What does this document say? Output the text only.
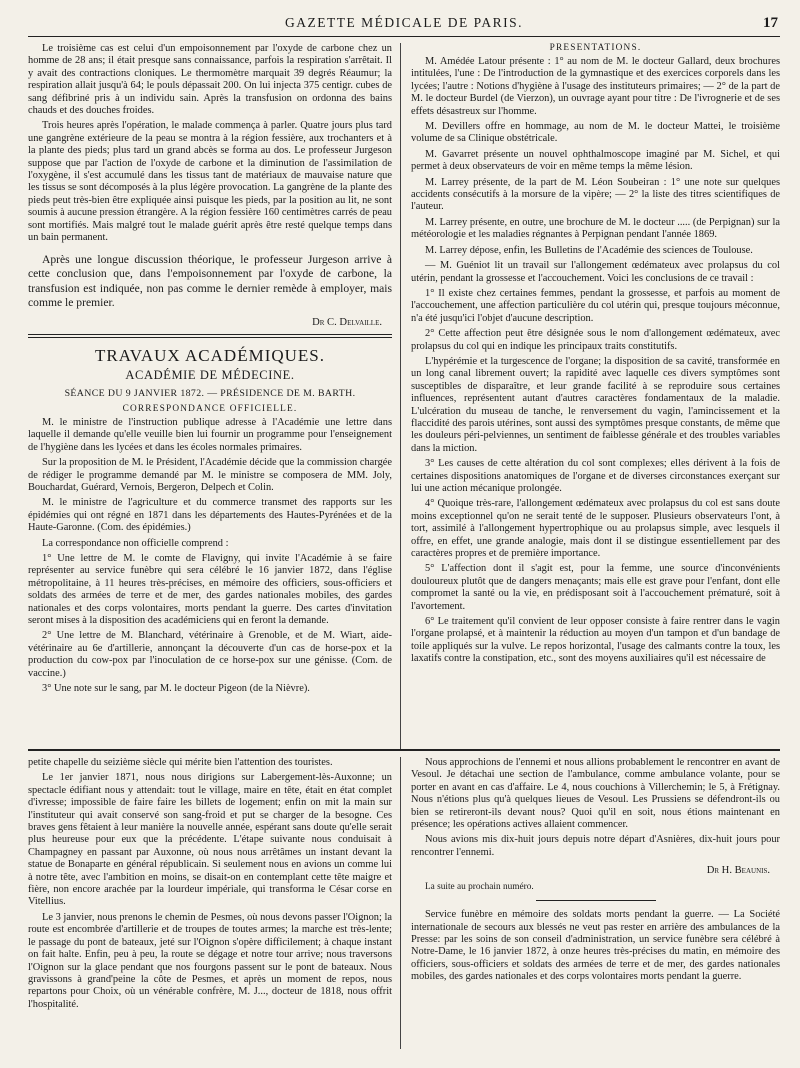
GAZETTE MÉDICALE DE PARIS.	17

Le troisième cas est celui d'un empoisonnement par l'oxyde de carbone chez un homme de 28 ans; il était presque sans connaissance, parfois la respiration s'arrêtait. Il y avait des contractions cloniques. Le thermomètre marquait 39 degrés Réaumur; la respiration allait jusqu'à 64; le pouls dépassait 200. On lui injecta 375 centigr. cubes de sang défibriné pris à un individu sain. Après la transfusion on ordonna des bains chauds et des douches froides.

Trois heures après l'opération, le malade commença à parler. Quatre jours plus tard une gangrène extérieure de la peau se montra à la région fessière, aux trochanters et à la plante des pieds; plus tard un grand abcès se forma au dos. Le professeur Jurgeson suppose que par l'action de l'oxyde de carbone et la diminution de l'assimilation de l'oxygène, il s'est accumulé dans les tissus tant de matériaux de mauvaise nature que les tissus se sont décomposés à la plus légère provocation. La gangrène de la plante des pieds peut très-bien être expliquée ainsi puisque les pieds, par la position au lit, ne sont soumis à aucune pression étrangère. A la région fessière 160 centimètres carrés de peau sont mortifiés. Mais malgré tout le malade guérit après être resté quelque temps dans un bain permanent.

Après une longue discussion théorique, le professeur Jurgeson arrive à cette conclusion que, dans l'empoisonnement par l'oxyde de carbone, la transfusion est indiquée, non pas comme le dernier remède à employer, mais comme le premier.

Dr C. Delvaille.
TRAVAUX ACADÉMIQUES.
ACADÉMIE DE MÉDECINE.
SÉANCE DU 9 JANVIER 1872. — PRÉSIDENCE DE M. BARTH.
CORRESPONDANCE OFFICIELLE.

M. le ministre de l'instruction publique adresse à l'Académie une lettre dans laquelle il demande qu'elle veuille bien lui fournir un programme pour l'enseignement de l'hygiène dans les lycées et dans les écoles normales primaires.

Sur la proposition de M. le Président, l'Académie décide que la commission chargée de rédiger le programme demandé par M. le ministre se composera de MM. Joly, Bouchardat, Guérard, Vernois, Bergeron, Delpech et Colin.

M. le ministre de l'agriculture et du commerce transmet des rapports sur les épidémies qui ont régné en 1871 dans les départements des Hautes-Pyrénées et de la Haute-Garonne. (Com. des épidémies.)

La correspondance non officielle comprend :

1° Une lettre de M. le comte de Flavigny, qui invite l'Académie à se faire représenter au service funèbre qui sera célébré le 16 janvier 1872, dans l'église métropolitaine, à 11 heures très-précises, en mémoire des officiers, sous-officiers et soldats des armées de terre et de mer, des gardes nationales mobiles, des gardes nationales et des corps volontaires, morts pendant la guerre. Des cartes d'invitation seront mises à la disposition des académiciens qui en feront la demande.

2° Une lettre de M. Blanchard, vétérinaire à Grenoble, et de M. Wiart, aide-vétérinaire au 6e d'artillerie, annonçant la découverte d'un cas de horse-pox et la production du cow-pox par l'inoculation de ce horse-pox sur une génisse. (Com. de vaccine.)

3° Une note sur le sang, par M. le docteur Pigeon (de la Nièvre).

PRÉSENTATIONS.

M. Amédée Latour présente : 1° au nom de M. le docteur Gallard, deux brochures intitulées, l'une : De l'introduction de la gymnastique et des exercices corporels dans les lycées; l'autre : Notions d'hygiène à l'usage des instituteurs primaires; — 2° de la part de M. le docteur Burdel (de Vierzon), un ouvrage ayant pour titre : De l'ivrognerie et de ses effets désastreux sur l'homme.

M. Devillers offre en hommage, au nom de M. le docteur Mattei, le troisième volume de sa Clinique obstétricale.

M. Gavarret présente un nouvel ophthalmoscope imaginé par M. Sichel, et qui permet à deux observateurs de voir en même temps la même lésion.

M. Larrey présente, de la part de M. Léon Soubeiran : 1° une note sur quelques accidents consécutifs à la morsure de la vipère; — 2° la liste des titres scientifiques de l'auteur.

M. Larrey présente, en outre, une brochure de M. le docteur ..... (de Perpignan) sur la météorologie et les maladies régnantes à Perpignan pendant l'année 1869.

M. Larrey dépose, enfin, les Bulletins de l'Académie des sciences de Toulouse.

— M. Guéniot lit un travail sur l'allongement œdémateux avec prolapsus du col utérin, pendant la grossesse et l'accouchement. Voici les conclusions de ce travail :

1° Il existe chez certaines femmes, pendant la grossesse, et parfois au moment de l'accouchement, une affection particulière du col utérin qui, presque toujours méconnue, n'a été jusqu'ici l'objet d'aucune description.

2° Cette affection peut être désignée sous le nom d'allongement œdémateux, avec prolapsus du col qui en indique les principaux traits constitutifs.

L'hypérémie et la turgescence de l'organe; la disposition de sa cavité, transformée en un long canal librement ouvert; la rapidité avec laquelle ces divers symptômes sont susceptibles de disparaître, et leur grande facilité à se reproduire sous certaines influences, représentent autant d'autres caractères fondamentaux de la maladie. L'ulcération du museau de tanche, le renversement du vagin, l'amincissement et la flaccidité des parois utérines, sont aussi des symptômes presque constants, de même que les douleurs péri-pelviennes, un sentiment de faiblesse générale et des troubles variables dans la miction.

3° Les causes de cette altération du col sont complexes; elles dérivent à la fois de certaines dispositions anatomiques de l'organe et de diverses circonstances exerçant sur lui une action mécanique prolongée.

4° Quoique très-rare, l'allongement œdémateux avec prolapsus du col est sans doute moins exceptionnel qu'on ne serait tenté de le supposer. Plusieurs observateurs l'ont, à tort, assimilé à l'allongement hypertrophique ou au prolapsus simple, avec lesquels il offre, en effet, une grande analogie, mais dont il se distingue essentiellement par des caractères propres et de première importance.

5° L'affection dont il s'agit est, pour la femme, une source d'inconvénients douloureux plutôt que de dangers menaçants; mais elle est grave pour l'enfant, dont elle compromet la santé ou la vie, en prédisposant soit à l'accouchement prématuré, soit à l'avortement.

6° Le traitement qu'il convient de leur opposer consiste à faire rentrer dans le vagin l'organe prolapsé, et à maintenir la réduction au moyen d'un tampon et d'un bandage de toile appliqués sur la vulve. Le repos horizontal, l'usage des calmants contre la toux, les laxatifs contre la constipation, etc., sont des moyens auxiliaires qu'il est nécessaire de

petite chapelle du seizième siècle qui mérite bien l'attention des touristes.

Le 1er janvier 1871, nous nous dirigions sur Labergement-lès-Auxonne; un spectacle édifiant nous y attendait: tout le village, maire en tête, était en état complet d'ivresse; impossible de faire faire les billets de logement; enfin on mit la main sur l'instituteur qui avait conservé son sang-froid et put se charger de la besogne. Ces braves gens fêtaient à leur manière la nouvelle année, espérant sans doute qu'elle serait plus heureuse pour eux que la précédente. L'étape suivante nous conduisait à Champagney en passant par Auxonne, où nous nous arrêtâmes un instant devant la statue de Bonaparte en général républicain. Si seulement nous en avions un comme lui à notre tête, avec l'ambition en moins, se disait-on en contemplant cette tête maigre et fière, non encore arachée par la lourdeur impériale, qui transforma le César corse en Vitellius.

Le 3 janvier, nous prenons le chemin de Pesmes, où nous devons passer l'Oignon; la route est encombrée d'artillerie et de troupes de toutes armes; la marche est très-lente; le passage du pont de bateaux, jeté sur l'Oignon s'opère difficilement; à chaque instant on fait halte. Enfin, peu à peu, la route se dégage et notre tour arrive; nous traversons l'Oignon sur la glace pendant que nos fourgons passent sur le pont de bateaux. Nous gravissons à grand'peine la côte de Pesmes, et après un moment de repos, nous repartons pour Choix, où un vénérable confrère, M. J..., docteur de 1818, nous offrit l'hospitalité.

Nous approchions de l'ennemi et nous allions probablement le rencontrer en avant de Vesoul. Je détachai une section de l'ambulance, comme ambulance volante, pour se porter en avant en cas d'affaire. Le 4, nous couchions à Villerchemin; le 5, à Frétignay. Nous n'étions plus qu'à quelques lieues de Vesoul. Les Prussiens se défendront-ils ou bien se retireront-ils devant nous? Quoi qu'il en soit, nous étions maintenant en présence; les opérations actives allaient commencer.

Nous avions mis dix-huit jours depuis notre départ d'Asnières, dix-huit jours pour rencontrer l'ennemi.

Dr H. Beaunis.
La suite au prochain numéro.

Service funèbre en mémoire des soldats morts pendant la guerre. — La Société internationale de secours aux blessés ne veut pas rester en arrière des ambulances de la Presse: par les soins de son conseil d'administration, un service funèbre sera célébré à Notre-Dame, le 16 janvier 1872, à onze heures très-précises du matin, en mémoire des officiers, sous-officiers et soldats des armées de terre et de mer, des gardes nationales mobiles, des gardes nationales et des corps volontaires morts pendant la guerre.
